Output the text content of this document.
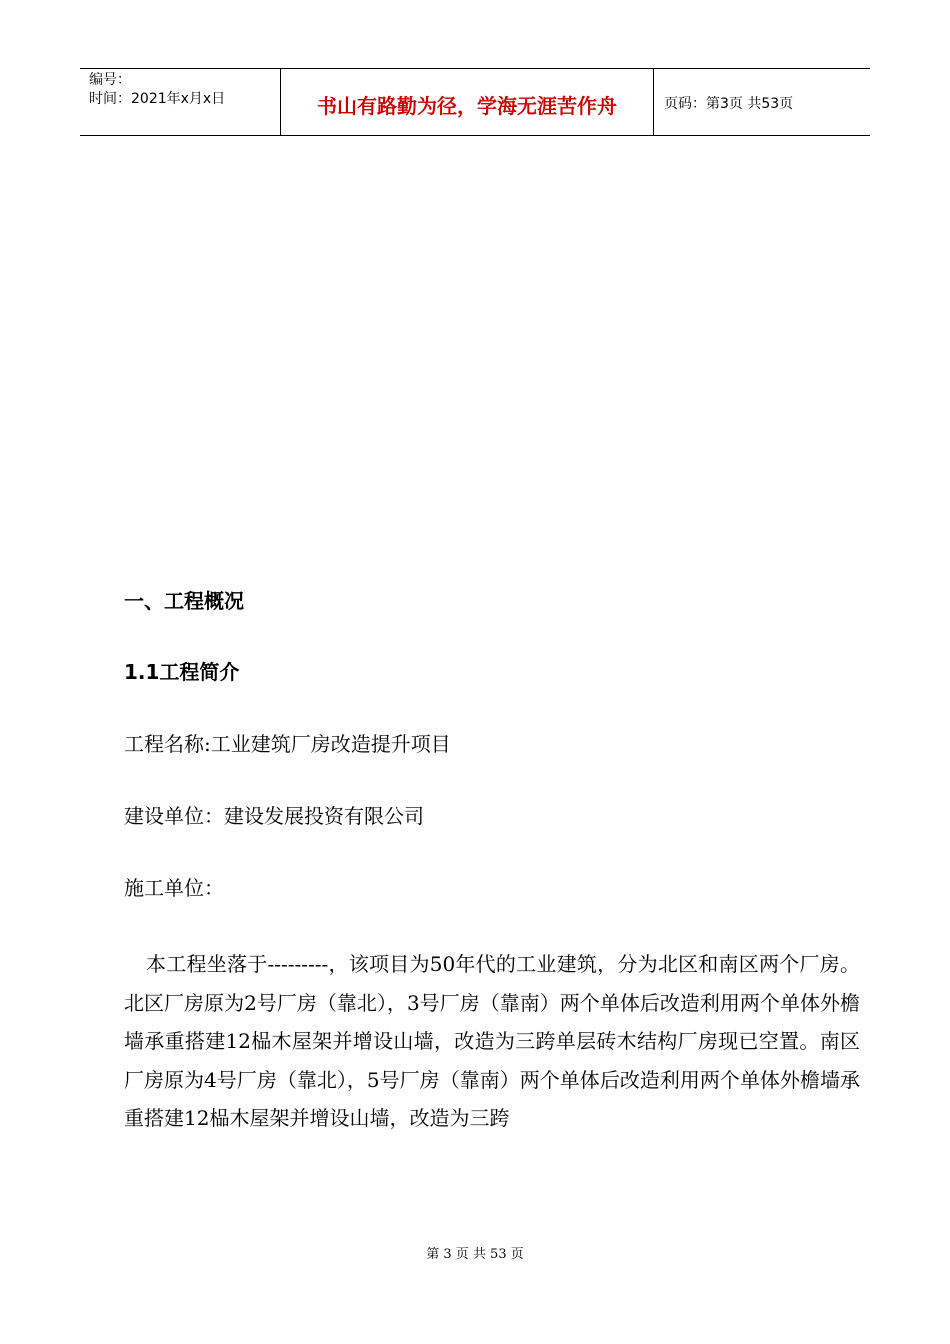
编号：
时间：2021年x月x日	书山有路勤为径，学海无涯苦作舟	页码：第3页 共53页
一、工程概况
1.1工程简介
工程名称:工业建筑厂房改造提升项目
建设单位：建设发展投资有限公司
施工单位：
本工程坐落于---------，该项目为50年代的工业建筑，分为北区和南区两个厂房。北区厂房原为2号厂房（靠北），3号厂房（靠南）两个单体后改造利用两个单体外檐墙承重搭建12榀木屋架并增设山墙，改造为三跨单层砖木结构厂房现已空置。南区厂房原为4号厂房（靠北），5号厂房（靠南）两个单体后改造利用两个单体外檐墙承重搭建12榀木屋架并增设山墙，改造为三跨
第 3 页 共 53 页
